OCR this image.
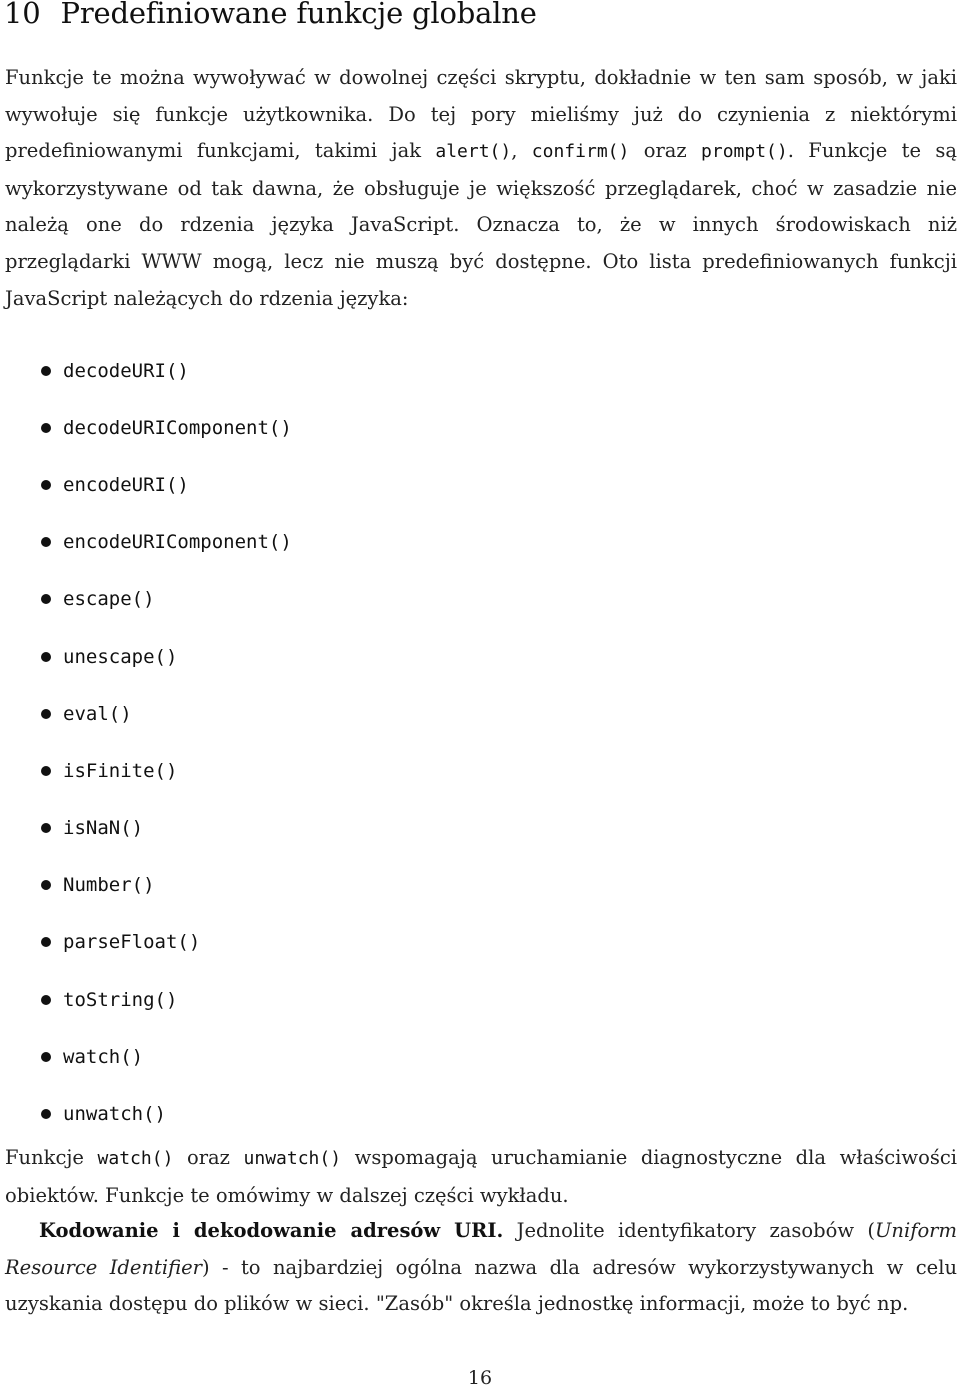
10 Predefiniowane funkcje globalne

Funkcje te można wywoływać w dowolnej części skryptu, dokładnie w ten sam sposób, w jaki wywołuje się funkcje użytkownika. Do tej pory mieliśmy już do czynienia z niektórymi predefiniowanymi funkcjami, takimi jak alert(), confirm() oraz prompt(). Funkcje te są wykorzystywane od tak dawna, że obsługuje je większość przeglądarek, choć w zasadzie nie należą one do rdzenia języka JavaScript. Oznacza to, że w innych środowiskach niż przeglądarki WWW mogą, lecz nie muszą być dostępne. Oto lista predefiniowanych funkcji JavaScript należących do rdzenia języka:

decodeURI()
decodeURIComponent()
encodeURI()
encodeURIComponent()
escape()
unescape()
eval()
isFinite()
isNaN()
Number()
parseFloat()
toString()
watch()
unwatch()

Funkcje watch() oraz unwatch() wspomagają uruchamianie diagnostyczne dla właściwości obiektów. Funkcje te omówimy w dalszej części wykładu.

Kodowanie i dekodowanie adresów URI. Jednolite identyfikatory zasobów (Uniform Resource Identifier) - to najbardziej ogólna nazwa dla adresów wykorzystywanych w celu uzyskania dostępu do plików w sieci. "Zasób" określa jednostkę informacji, może to być np.

16
